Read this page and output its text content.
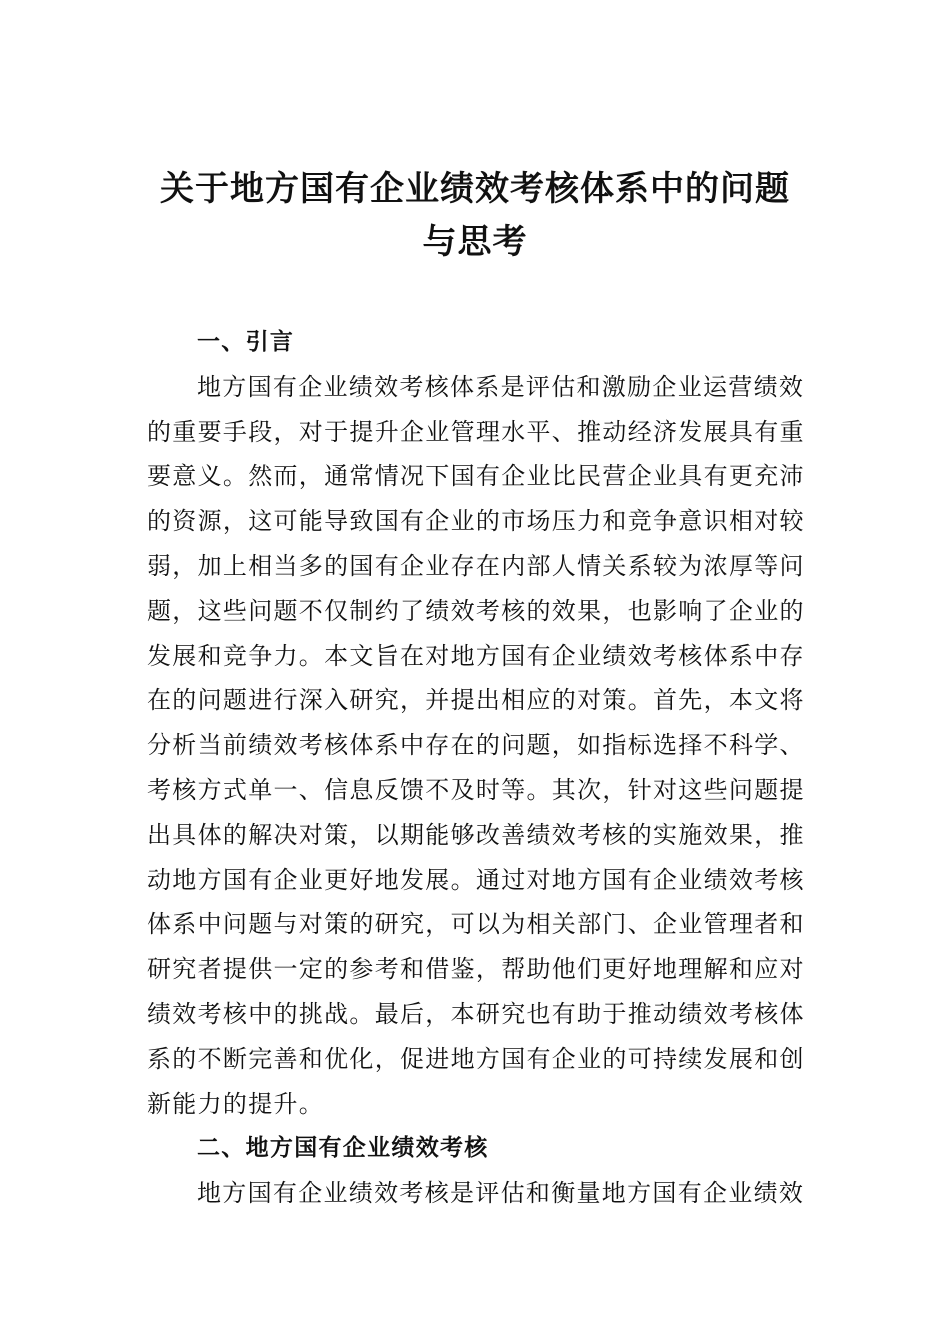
关于地方国有企业绩效考核体系中的问题
与思考
一、引言
地方国有企业绩效考核体系是评估和激励企业运营绩效
的重要手段，对于提升企业管理水平、推动经济发展具有重
要意义。然而，通常情况下国有企业比民营企业具有更充沛
的资源，这可能导致国有企业的市场压力和竞争意识相对较
弱，加上相当多的国有企业存在内部人情关系较为浓厚等问
题，这些问题不仅制约了绩效考核的效果，也影响了企业的
发展和竞争力。本文旨在对地方国有企业绩效考核体系中存
在的问题进行深入研究，并提出相应的对策。首先，本文将
分析当前绩效考核体系中存在的问题，如指标选择不科学、
考核方式单一、信息反馈不及时等。其次，针对这些问题提
出具体的解决对策，以期能够改善绩效考核的实施效果，推
动地方国有企业更好地发展。通过对地方国有企业绩效考核
体系中问题与对策的研究，可以为相关部门、企业管理者和
研究者提供一定的参考和借鉴，帮助他们更好地理解和应对
绩效考核中的挑战。最后，本研究也有助于推动绩效考核体
系的不断完善和优化，促进地方国有企业的可持续发展和创
新能力的提升。
二、地方国有企业绩效考核
地方国有企业绩效考核是评估和衡量地方国有企业绩效
